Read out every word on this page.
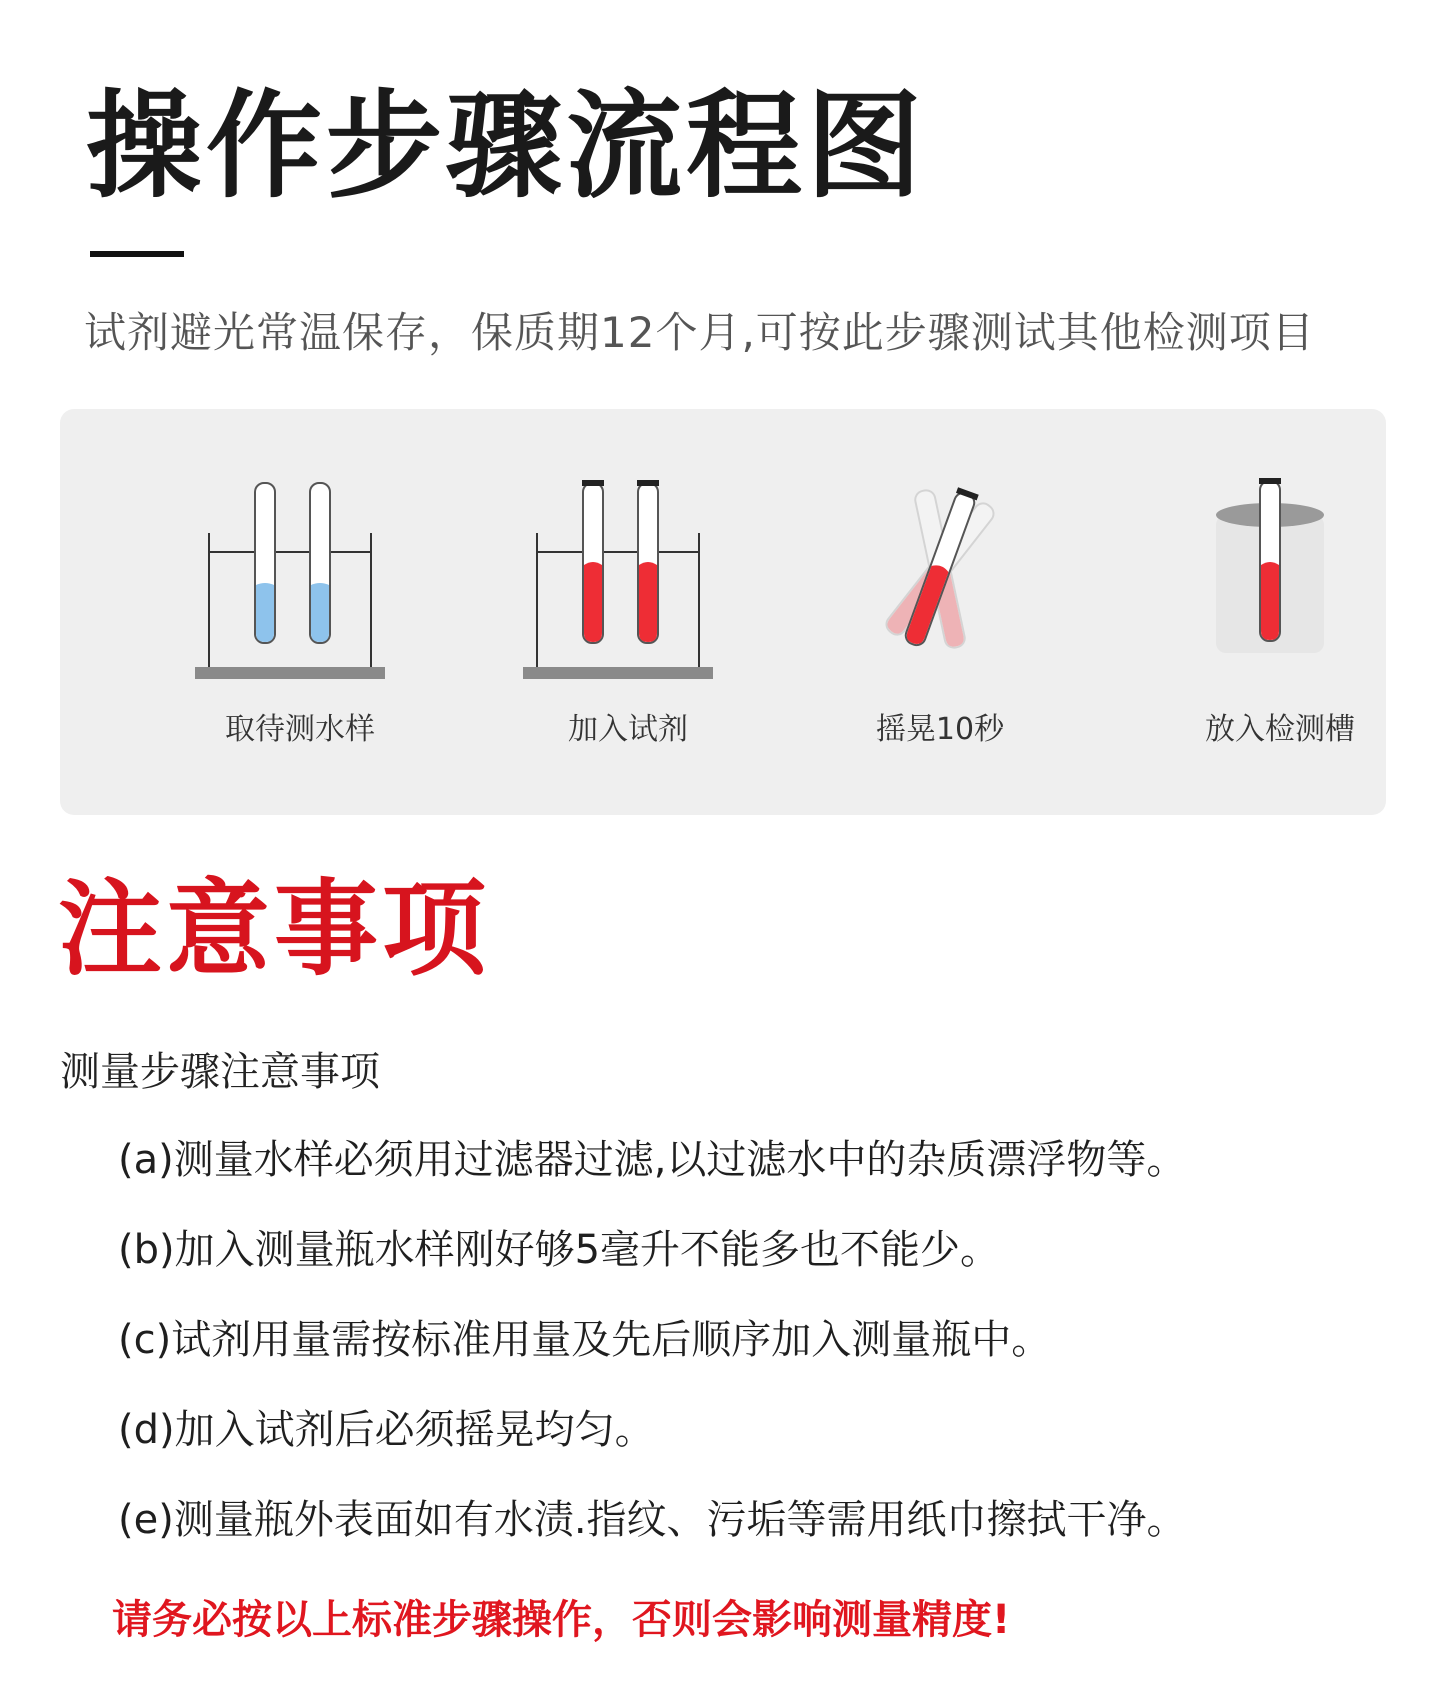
操作步骤流程图
试剂避光常温保存，保质期12个月,可按此步骤测试其他检测项目
取待测水样	加入试剂	摇晃10秒	放入检测槽
注意事项
测量步骤注意事项
(a)测量水样必须用过滤器过滤,以过滤水中的杂质漂浮物等。
(b)加入测量瓶水样刚好够5毫升不能多也不能少。
(c)试剂用量需按标准用量及先后顺序加入测量瓶中。
(d)加入试剂后必须摇晃均匀。
(e)测量瓶外表面如有水渍.指纹、污垢等需用纸巾擦拭干净。
请务必按以上标准步骤操作，否则会影响测量精度!
